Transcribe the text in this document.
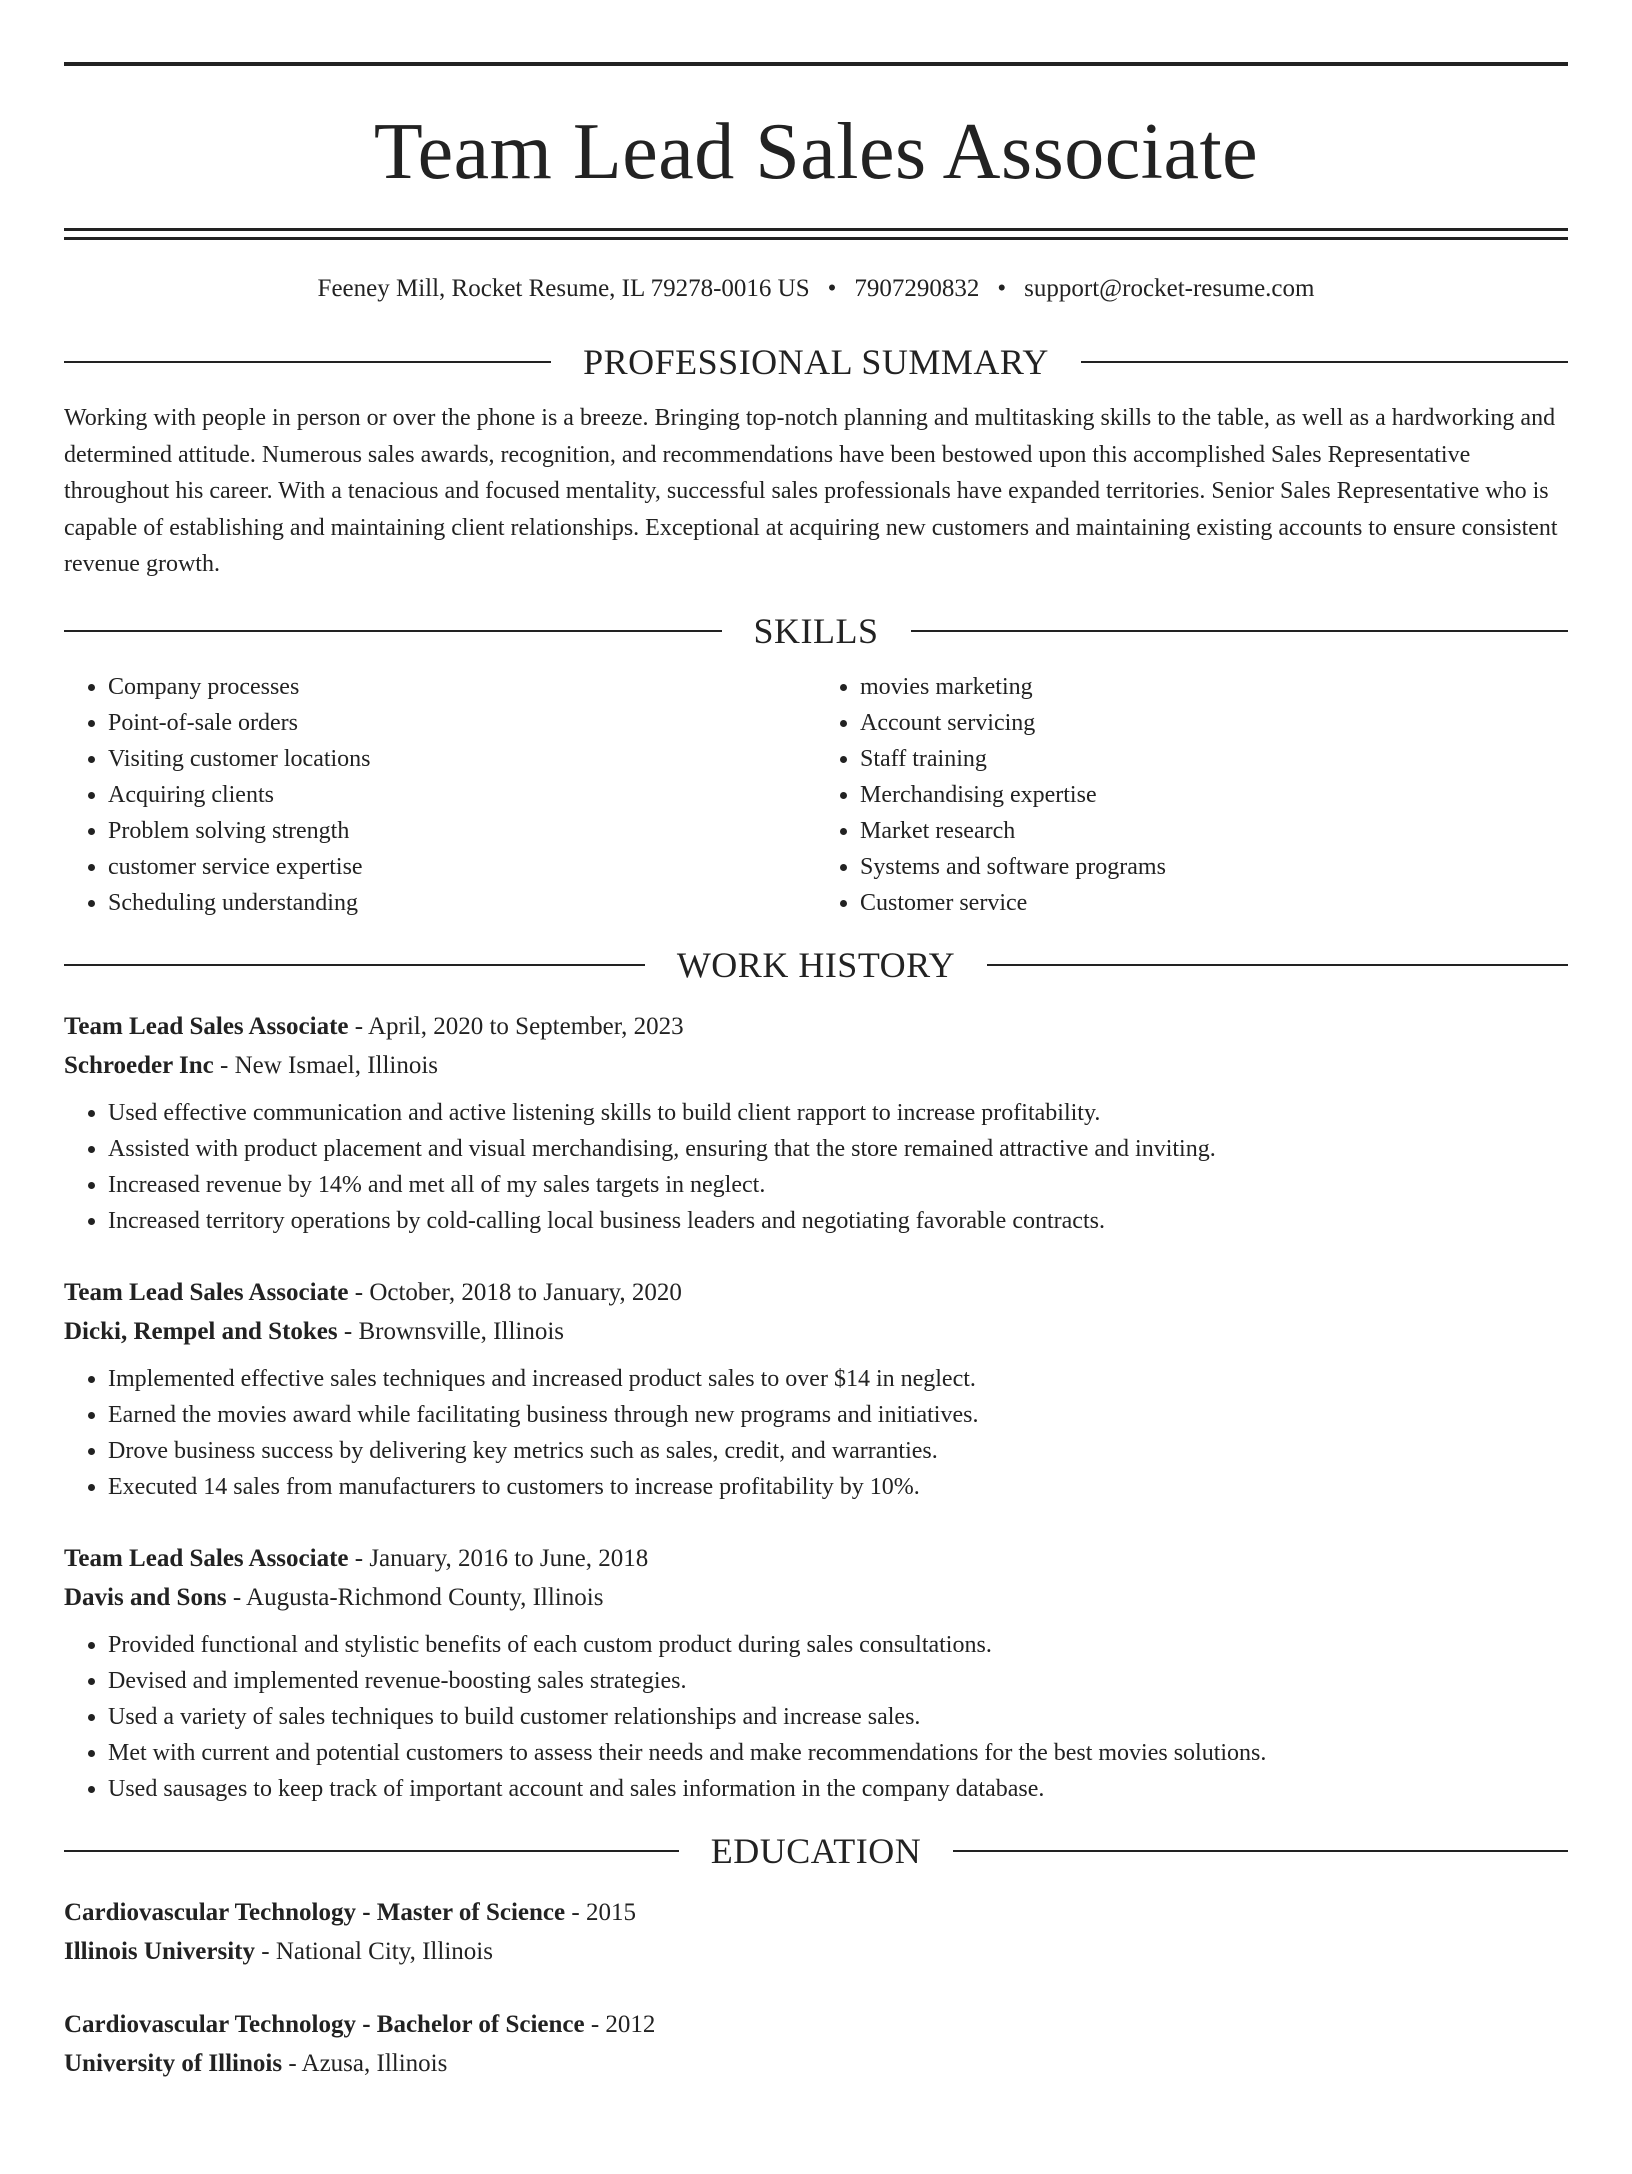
Team Lead Sales Associate
Feeney Mill, Rocket Resume, IL 79278-0016 US • 7907290832 • support@rocket-resume.com
PROFESSIONAL SUMMARY

Working with people in person or over the phone is a breeze. Bringing top-notch planning and multitasking skills to the table, as well as a hardworking and determined attitude. Numerous sales awards, recognition, and recommendations have been bestowed upon this accomplished Sales Representative throughout his career. With a tenacious and focused mentality, successful sales professionals have expanded territories. Senior Sales Representative who is capable of establishing and maintaining client relationships. Exceptional at acquiring new customers and maintaining existing accounts to ensure consistent revenue growth.

SKILLS
• Company processes
• Point-of-sale orders
• Visiting customer locations
• Acquiring clients
• Problem solving strength
• customer service expertise
• Scheduling understanding
• movies marketing
• Account servicing
• Staff training
• Merchandising expertise
• Market research
• Systems and software programs
• Customer service
WORK HISTORY
Team Lead Sales Associate - April, 2020 to September, 2023
Schroeder Inc - New Ismael, Illinois
• Used effective communication and active listening skills to build client rapport to increase profitability.
• Assisted with product placement and visual merchandising, ensuring that the store remained attractive and inviting.
• Increased revenue by 14% and met all of my sales targets in neglect.
• Increased territory operations by cold-calling local business leaders and negotiating favorable contracts.
Team Lead Sales Associate - October, 2018 to January, 2020
Dicki, Rempel and Stokes - Brownsville, Illinois
• Implemented effective sales techniques and increased product sales to over $14 in neglect.
• Earned the movies award while facilitating business through new programs and initiatives.
• Drove business success by delivering key metrics such as sales, credit, and warranties.
• Executed 14 sales from manufacturers to customers to increase profitability by 10%.
Team Lead Sales Associate - January, 2016 to June, 2018
Davis and Sons - Augusta-Richmond County, Illinois
• Provided functional and stylistic benefits of each custom product during sales consultations.
• Devised and implemented revenue-boosting sales strategies.
• Used a variety of sales techniques to build customer relationships and increase sales.
• Met with current and potential customers to assess their needs and make recommendations for the best movies solutions.
• Used sausages to keep track of important account and sales information in the company database.
EDUCATION
Cardiovascular Technology - Master of Science - 2015
Illinois University - National City, Illinois
Cardiovascular Technology - Bachelor of Science - 2012
University of Illinois - Azusa, Illinois
